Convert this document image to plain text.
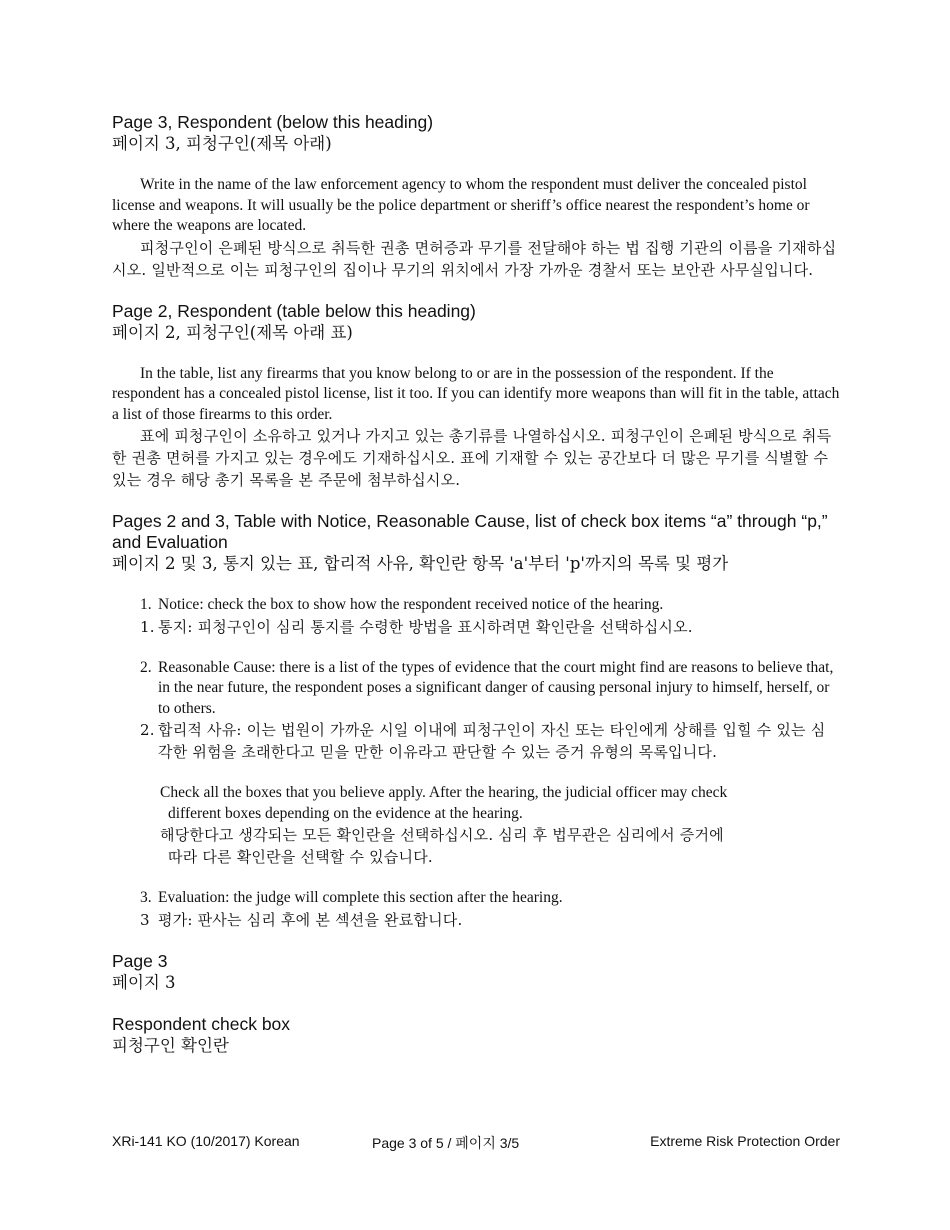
Page 3, Respondent (below this heading)

페이지 3, 피청구인(제목 아래)

Write in the name of the law enforcement agency to whom the respondent must deliver the concealed pistol license and weapons. It will usually be the police department or sheriff’s office nearest the respondent’s home or where the weapons are located.

피청구인이 은폐된 방식으로 취득한 권총 면허증과 무기를 전달해야 하는 법 집행 기관의 이름을 기재하십시오. 일반적으로 이는 피청구인의 집이나 무기의 위치에서 가장 가까운 경찰서 또는 보안관 사무실입니다.

Page 2, Respondent (table below this heading)

페이지 2, 피청구인(제목 아래 표)

In the table, list any firearms that you know belong to or are in the possession of the respondent. If the respondent has a concealed pistol license, list it too. If you can identify more weapons than will fit in the table, attach a list of those firearms to this order.

표에 피청구인이 소유하고 있거나 가지고 있는 총기류를 나열하십시오. 피청구인이 은폐된 방식으로 취득한 권총 면허를 가지고 있는 경우에도 기재하십시오. 표에 기재할 수 있는 공간보다 더 많은 무기를 식별할 수 있는 경우 해당 총기 목록을 본 주문에 첨부하십시오.

Pages 2 and 3, Table with Notice, Reasonable Cause, list of check box items “a” through “p,” and Evaluation

페이지 2 및 3, 통지 있는 표, 합리적 사유, 확인란 항목 'a'부터 'p'까지의 목록 및 평가

1. Notice: check the box to show how the respondent received notice of the hearing.
1. 통지: 피청구인이 심리 통지를 수령한 방법을 표시하려면 확인란을 선택하십시오.
2. Reasonable Cause: there is a list of the types of evidence that the court might find are reasons to believe that, in the near future, the respondent poses a significant danger of causing personal injury to himself, herself, or to others.
2. 합리적 사유: 이는 법원이 가까운 시일 이내에 피청구인이 자신 또는 타인에게 상해를 입힐 수 있는 심각한 위험을 초래한다고 믿을 만한 이유라고 판단할 수 있는 증거 유형의 목록입니다.

Check all the boxes that you believe apply. After the hearing, the judicial officer may check

different boxes depending on the evidence at the hearing.

해당한다고 생각되는 모든 확인란을 선택하십시오. 심리 후 법무관은 심리에서 증거에

따라 다른 확인란을 선택할 수 있습니다.

3. Evaluation: the judge will complete this section after the hearing.
3 평가: 판사는 심리 후에 본 섹션을 완료합니다.

Page 3

페이지 3

Respondent check box

피청구인 확인란

XRi-141 KO (10/2017) Korean	Page 3 of 5 / 페이지 3/5	Extreme Risk Protection Order
